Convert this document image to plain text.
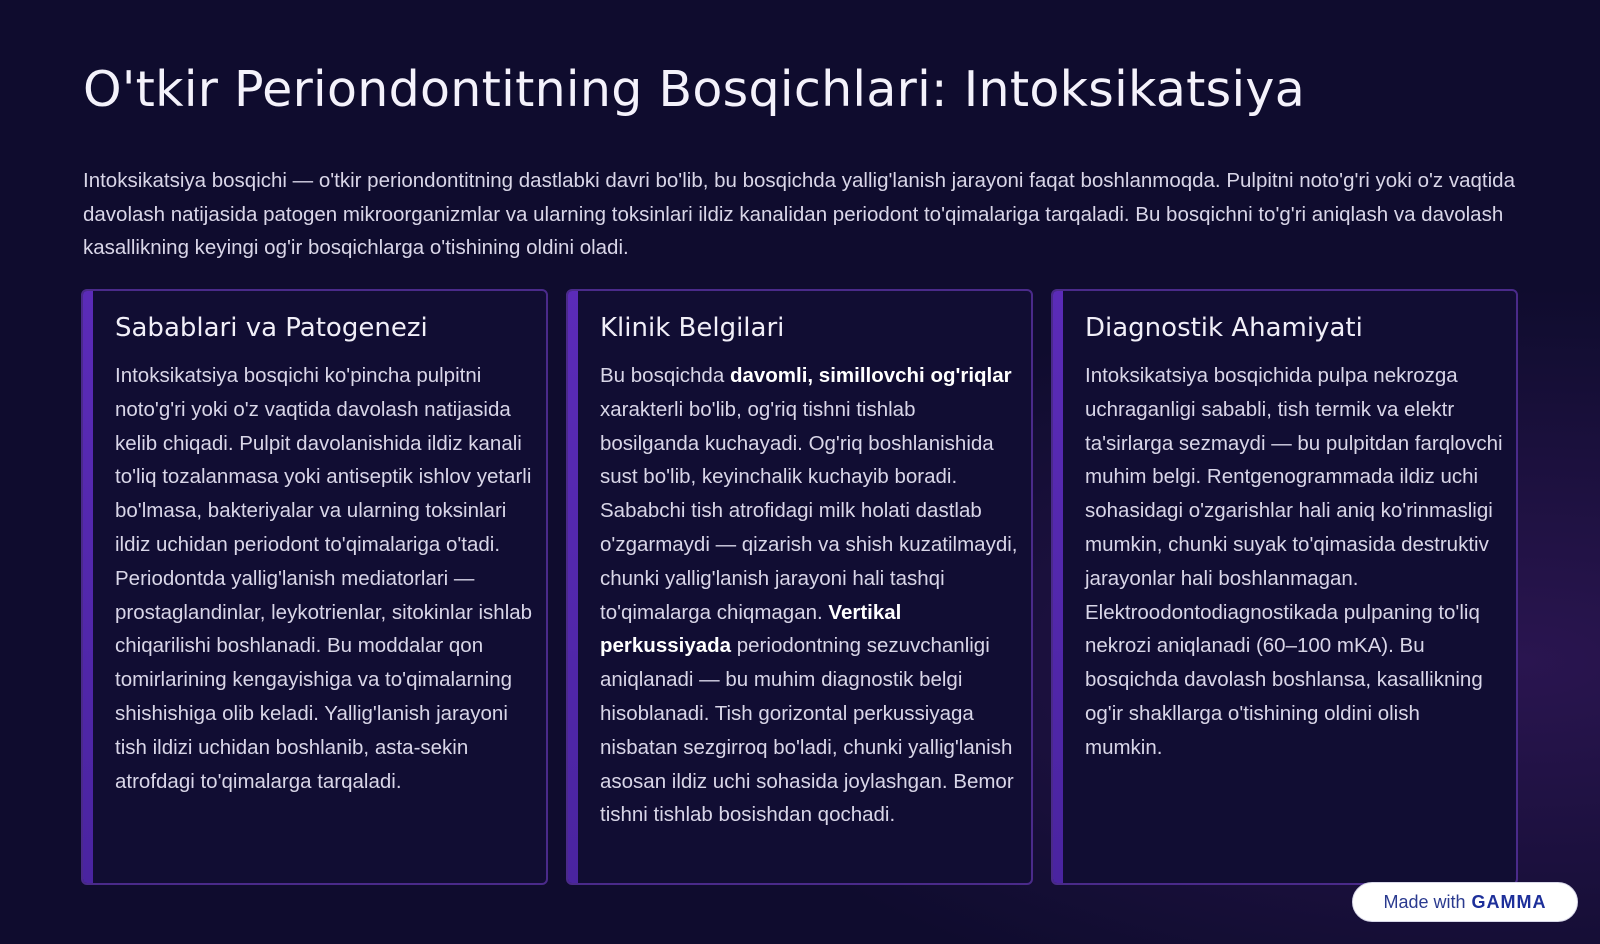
O'tkir Periondontitning Bosqichlari: Intoksikatsiya

Intoksikatsiya bosqichi — o'tkir periondontitning dastlabki davri bo'lib, bu bosqichda yallig'lanish jarayoni faqat boshlanmoqda. Pulpitni noto'g'ri yoki o'z vaqtida davolash natijasida patogen mikroorganizmlar va ularning toksinlari ildiz kanalidan periodont to'qimalariga tarqaladi. Bu bosqichni to'g'ri aniqlash va davolash kasallikning keyingi og'ir bosqichlarga o'tishining oldini oladi.

Sabablari va Patogenezi

Intoksikatsiya bosqichi ko'pincha pulpitni noto'g'ri yoki o'z vaqtida davolash natijasida kelib chiqadi. Pulpit davolanishida ildiz kanali to'liq tozalanmasa yoki antiseptik ishlov yetarli bo'lmasa, bakteriyalar va ularning toksinlari ildiz uchidan periodont to'qimalariga o'tadi. Periodontda yallig'lanish mediatorlari — prostaglandinlar, leykotrienlar, sitokinlar ishlab chiqarilishi boshlanadi. Bu moddalar qon tomirlarining kengayishiga va to'qimalarning shishishiga olib keladi. Yallig'lanish jarayoni tish ildizi uchidan boshlanib, asta-sekin atrofdagi to'qimalarga tarqaladi.

Klinik Belgilari

Bu bosqichda davomli, simillovchi og'riqlar xarakterli bo'lib, og'riq tishni tishlab bosilganda kuchayadi. Og'riq boshlanishida sust bo'lib, keyinchalik kuchayib boradi. Sababchi tish atrofidagi milk holati dastlab o'zgarmaydi — qizarish va shish kuzatilmaydi, chunki yallig'lanish jarayoni hali tashqi to'qimalarga chiqmagan. Vertikal perkussiyada periodontning sezuvchanligi aniqlanadi — bu muhim diagnostik belgi hisoblanadi. Tish gorizontal perkussiyaga nisbatan sezgirroq bo'ladi, chunki yallig'lanish asosan ildiz uchi sohasida joylashgan. Bemor tishni tishlab bosishdan qochadi.

Diagnostik Ahamiyati

Intoksikatsiya bosqichida pulpa nekrozga uchraganligi sababli, tish termik va elektr ta'sirlarga sezmaydi — bu pulpitdan farqlovchi muhim belgi. Rentgenogrammada ildiz uchi sohasidagi o'zgarishlar hali aniq ko'rinmasligi mumkin, chunki suyak to'qimasida destruktiv jarayonlar hali boshlanmagan. Elektroodontodiagnostikada pulpaning to'liq nekrozi aniqlanadi (60–100 mKA). Bu bosqichda davolash boshlansa, kasallikning og'ir shakllarga o'tishining oldini olish mumkin.

Made with GAMMA
